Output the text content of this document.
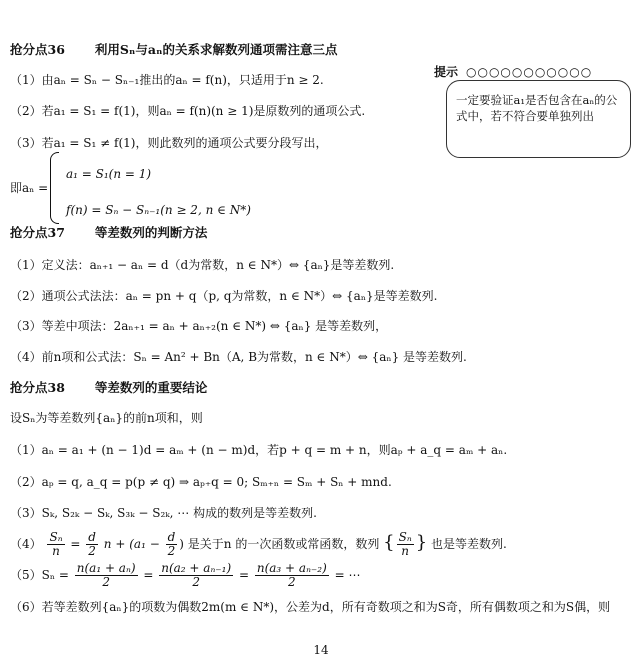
抢分点36 利用Sₙ与aₙ的关系求解数列通项需注意三点
（1）由aₙ = Sₙ − Sₙ₋₁推出的aₙ = f(n)，只适用于n ≥ 2.
（2）若a₁ = S₁ = f(1)，则aₙ = f(n)(n ≥ 1)是原数列的通项公式.
（3）若a₁ = S₁ ≠ f(1)，则此数列的通项公式要分段写出，
即aₙ =
a₁ = S₁(n = 1)
f(n) = Sₙ − Sₙ₋₁(n ≥ 2, n ∈ N*)
提示 ○○○○○○○○○○○
一定要验证a₁是否包含在aₙ的公式中，若不符合要单独列出
抢分点37 等差数列的判断方法
（1）定义法：aₙ₊₁ − aₙ = d（d为常数，n ∈ N*）⇔ {aₙ}是等差数列.
（2）通项公式法法：aₙ = pn + q（p, q为常数，n ∈ N*）⇔ {aₙ}是等差数列.
（3）等差中项法：2aₙ₊₁ = aₙ + aₙ₊₂(n ∈ N*) ⇔ {aₙ} 是等差数列，
（4）前n项和公式法：Sₙ = An² + Bn（A, B为常数，n ∈ N*）⇔ {aₙ} 是等差数列.
抢分点38 等差数列的重要结论
设Sₙ为等差数列{aₙ}的前n项和，则
（1）aₙ = a₁ + (n − 1)d = aₘ + (n − m)d，若p + q = m + n，则aₚ + a_q = aₘ + aₙ.
（2）aₚ = q, a_q = p(p ≠ q) ⇒ aₚ₊q = 0; Sₘ₊ₙ = Sₘ + Sₙ + mnd.
（3）Sₖ, S₂ₖ − Sₖ, S₃ₖ − S₂ₖ, ⋯ 构成的数列是等差数列.
$(4) \frac{\text{Sₙ}}{n} = \frac{d}{2}$ $n + (a_1 - \frac{d}{2}$ ) 是关于n 的一次函数或常函数，数列 { $\frac{\text{Sₙ}}{n}$ } 也是等差数列.
$(5)S_n = \frac{\text{n(a₁ + aₙ)}}{2} = \frac{\text{n(a₂ + aₙ₋₁)}}{2} = \frac{\text{n(a₃ + aₙ₋₂)}}{2}$ = ⋯
（6）若等差数列{aₙ}的项数为偶数2m(m ∈ N*)，公差为d，所有奇数项之和为S奇，所有偶数项之和为S偶，则
14
